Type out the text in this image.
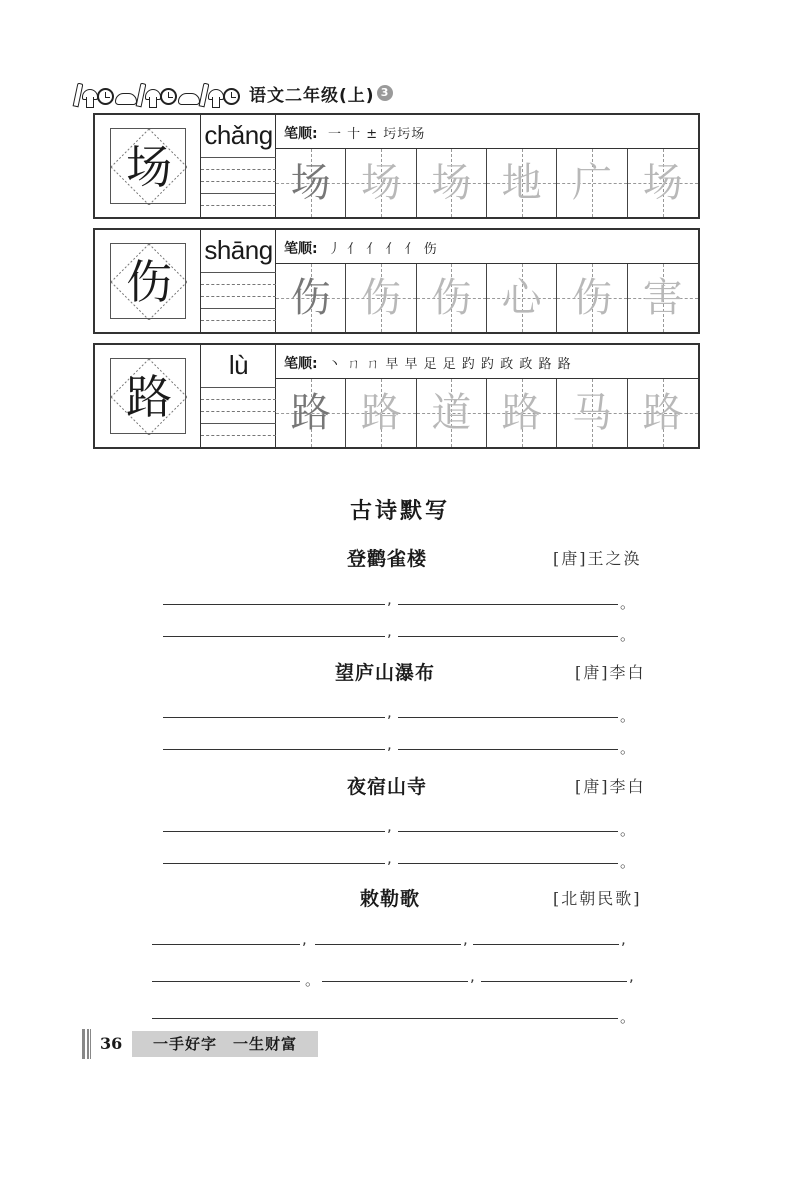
语文二年级(上) 3
场
chǎng 笔顺: 一 十 ± 圬圬场
场 场 场 地 广 场
伤
shāng 笔顺: 丿 亻 亻 亻 亻 伤
伤 伤 伤 心 伤 害
路
lù	笔顺: 丶 ㄇ ㄇ 早 早 足 足 趵 趵 政 政 路 路
路 路 道 路 马 路
古诗默写
登鹳雀楼	[唐]王之涣
望庐山瀑布	[唐]李白
夜宿山寺	[唐]李白
敕勒歌	[北朝民歌]
,	。
,	。
,	。
,	。
,	。
,	。
,	,	,
。	,	,
。
36	一手好字　一生财富
